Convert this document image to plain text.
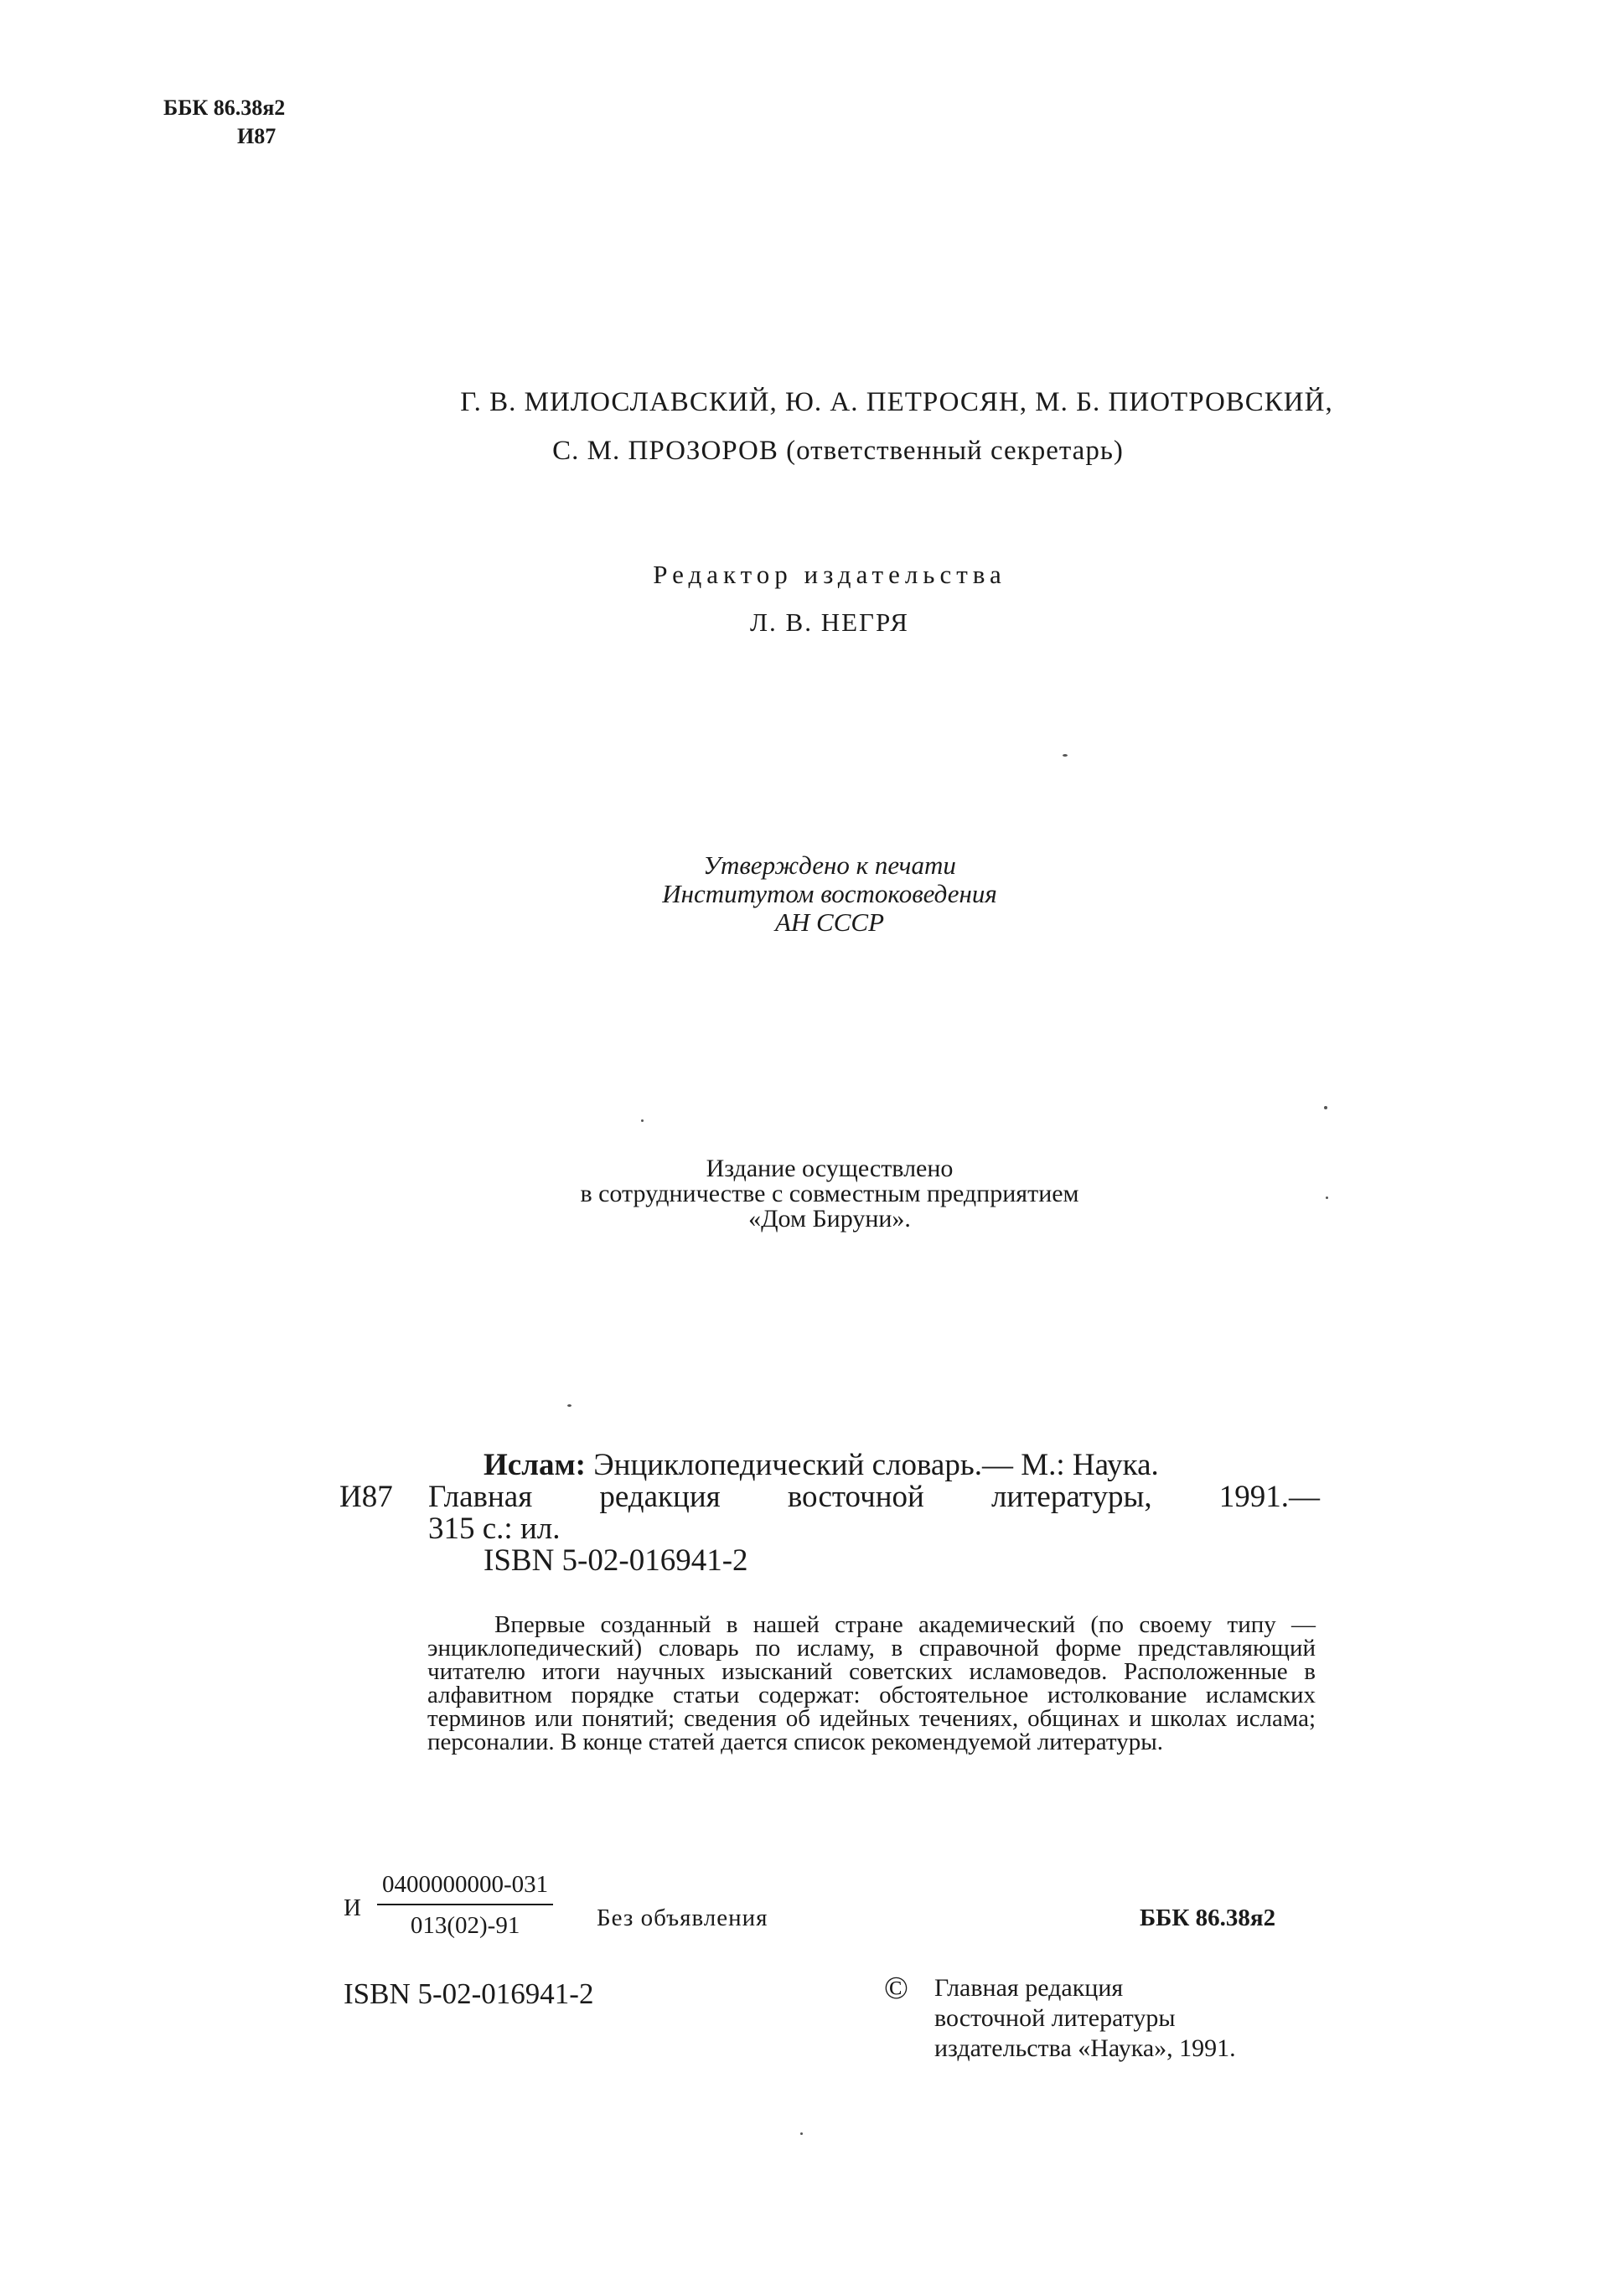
ББК 86.38я2
И87
Г. В. МИЛОСЛАВСКИЙ, Ю. А. ПЕТРОСЯН, М. Б. ПИОТРОВСКИЙ,
С. М. ПРОЗОРОВ (ответственный секретарь)
Редактор издательства
Л. В. НЕГРЯ
Утверждено к печати
Институтом востоковедения
АН СССР
Издание осуществлено
в сотрудничестве с совместным предприятием
«Дом Бируни».
Ислам: Энциклопедический словарь.— М.: Наука.
И87 Главная редакция восточной литературы, 1991.—
315 с.: ил.
ISBN 5-02-016941-2

Впервые созданный в нашей стране академический (по своему типу — энциклопедический) словарь по исламу, в справочной форме представляющий читателю итоги научных изысканий советских исламоведов. Расположенные в алфавитном порядке статьи содержат: обстоятельное истолкование исламских терминов или понятий; сведения об идейных течениях, общинах и школах ислама; персоналии. В конце статей дается список рекомендуемой литературы.

И $\frac{0400000000-031}{013(02)-91}$ Без объявления	ББК 86.38я2
ISBN 5-02-016941-2	© Главная редакция
восточной литературы
издательства «Наука», 1991.
